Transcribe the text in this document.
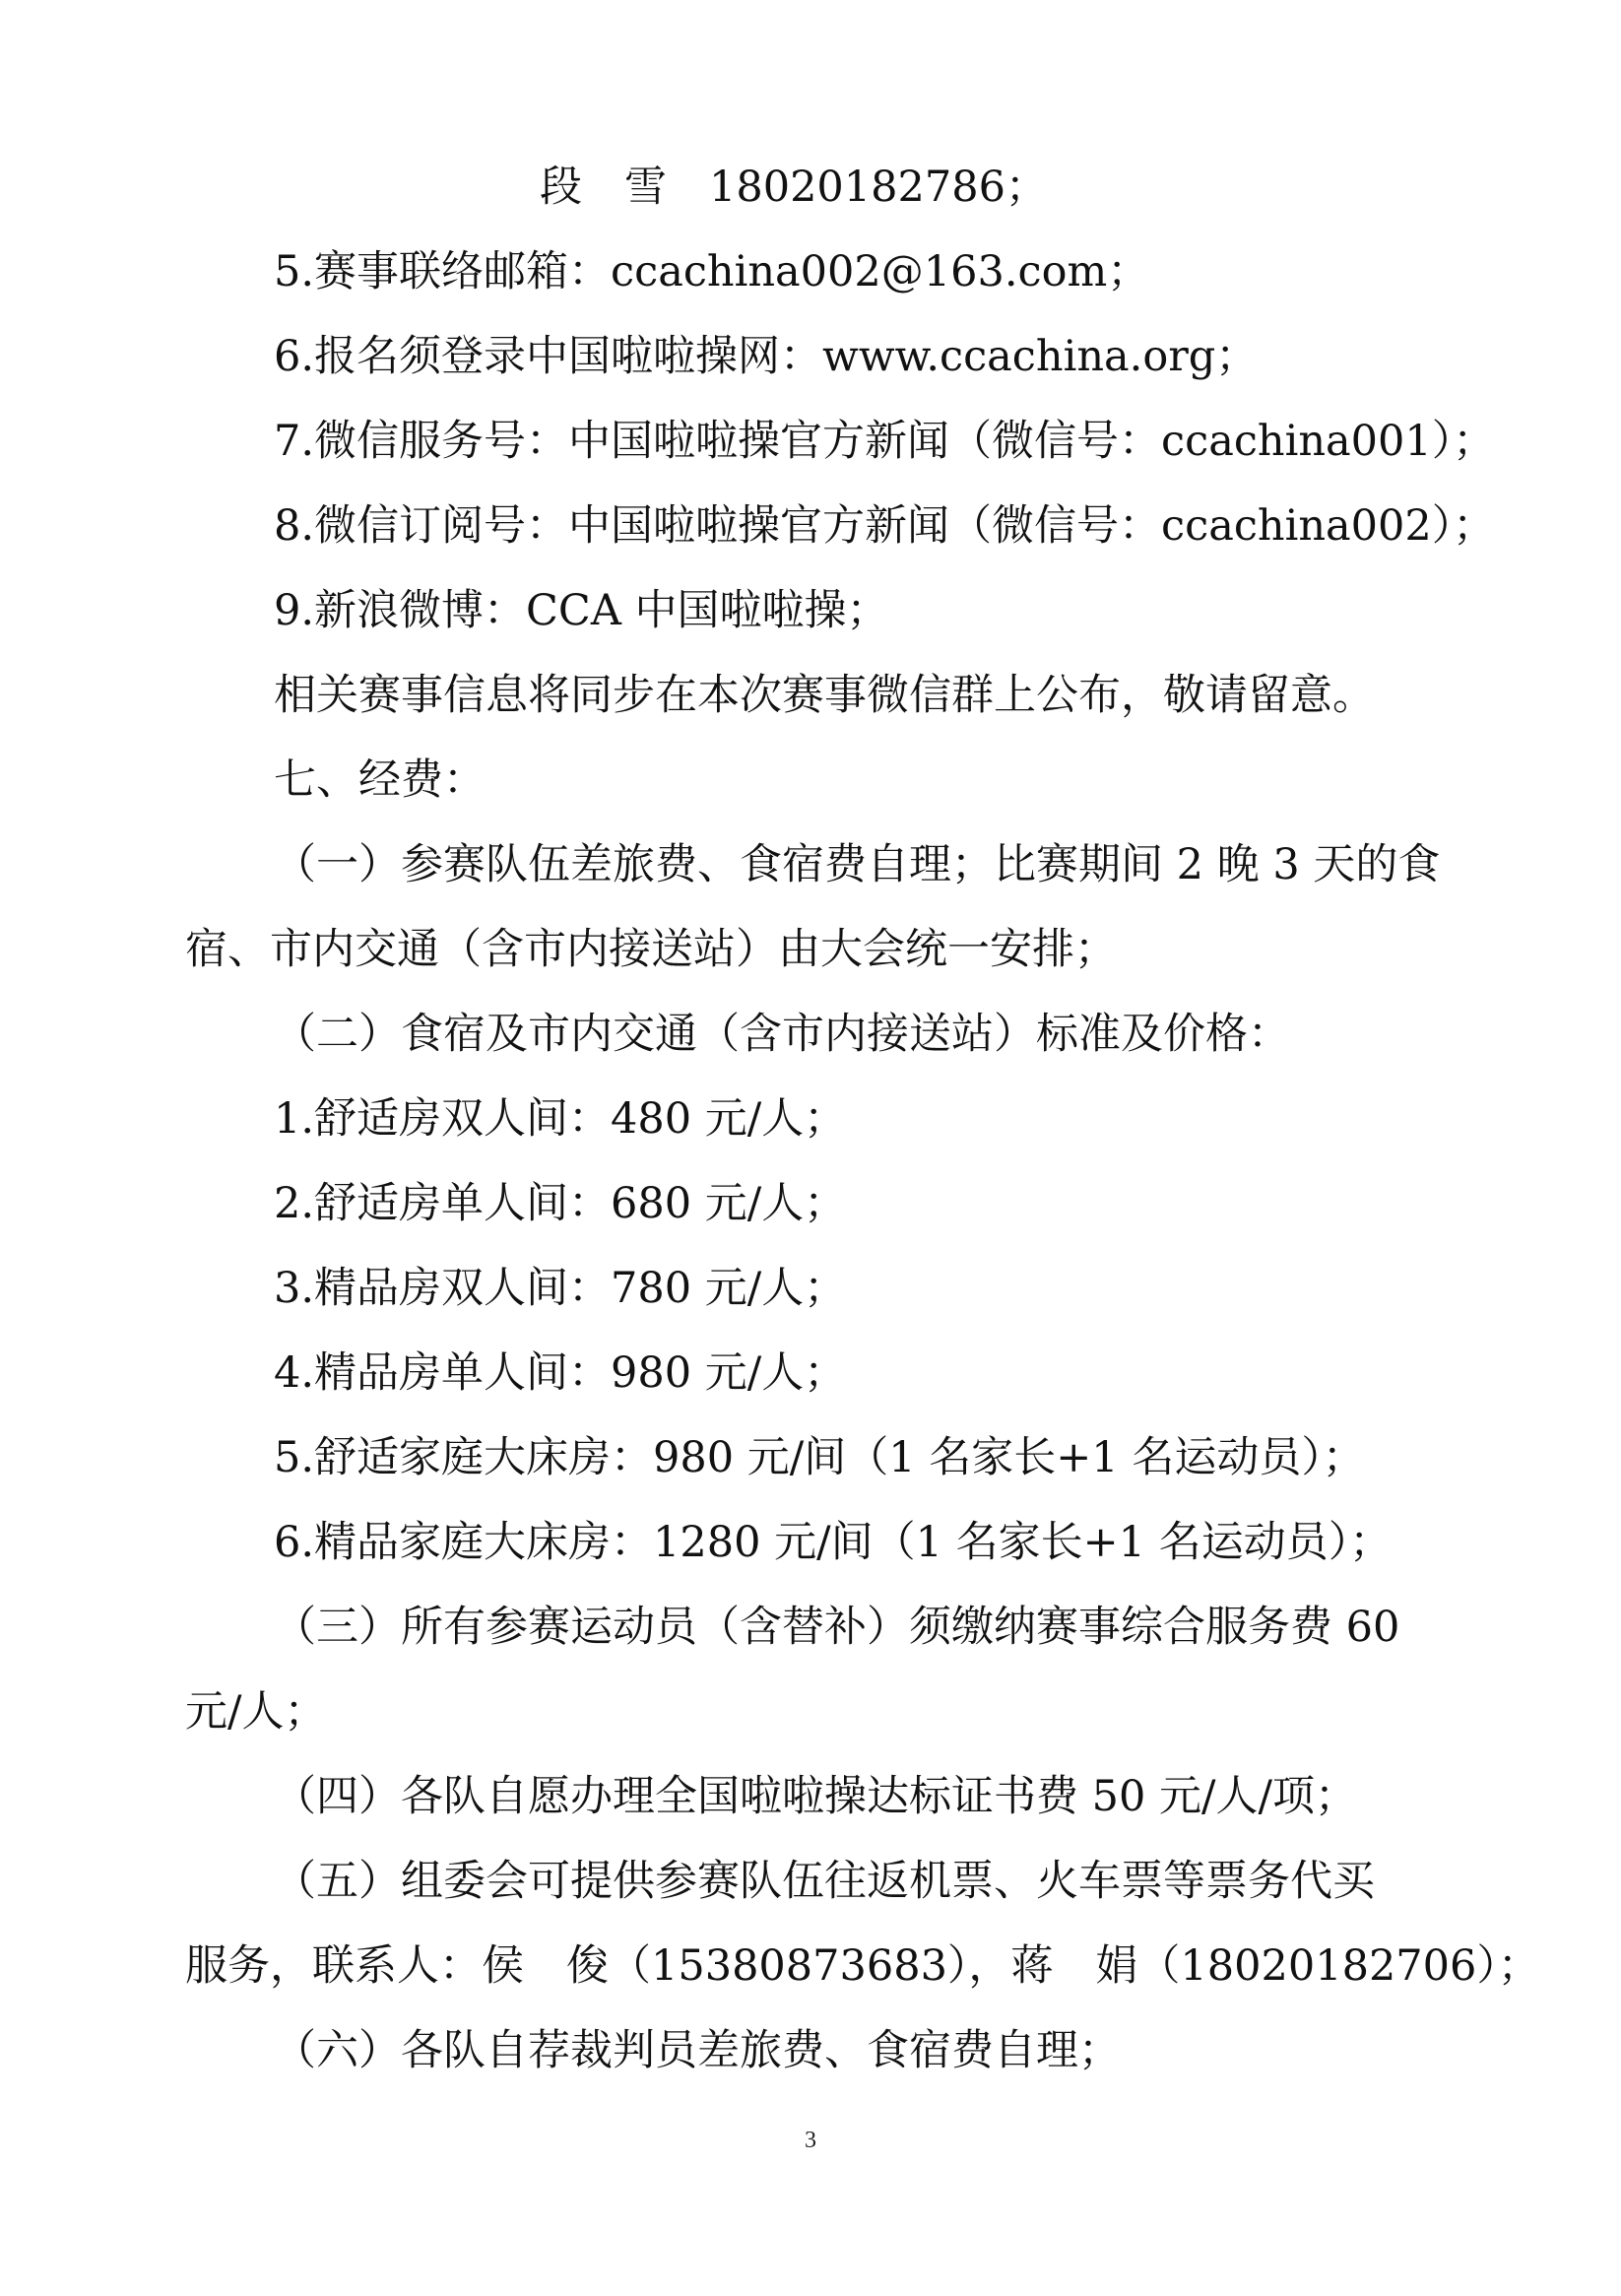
段　雪　18020182786；
5.赛事联络邮箱：ccachina002@163.com；
6.报名须登录中国啦啦操网：www.ccachina.org；
7.微信服务号：中国啦啦操官方新闻（微信号：ccachina001）；
8.微信订阅号：中国啦啦操官方新闻（微信号：ccachina002）；
9.新浪微博：CCA 中国啦啦操；
相关赛事信息将同步在本次赛事微信群上公布，敬请留意。
七、经费：
（一）参赛队伍差旅费、食宿费自理；比赛期间 2 晚 3 天的食
宿、市内交通（含市内接送站）由大会统一安排；
（二）食宿及市内交通（含市内接送站）标准及价格：
1.舒适房双人间：480 元/人；
2.舒适房单人间：680 元/人；
3.精品房双人间：780 元/人；
4.精品房单人间：980 元/人；
5.舒适家庭大床房：980 元/间（1 名家长+1 名运动员）；
6.精品家庭大床房：1280 元/间（1 名家长+1 名运动员）；
（三）所有参赛运动员（含替补）须缴纳赛事综合服务费 60
元/人；
（四）各队自愿办理全国啦啦操达标证书费 50 元/人/项；
（五）组委会可提供参赛队伍往返机票、火车票等票务代买
服务，联系人：侯　俊（15380873683），蒋　娟（18020182706）；
（六）各队自荐裁判员差旅费、食宿费自理；
3
